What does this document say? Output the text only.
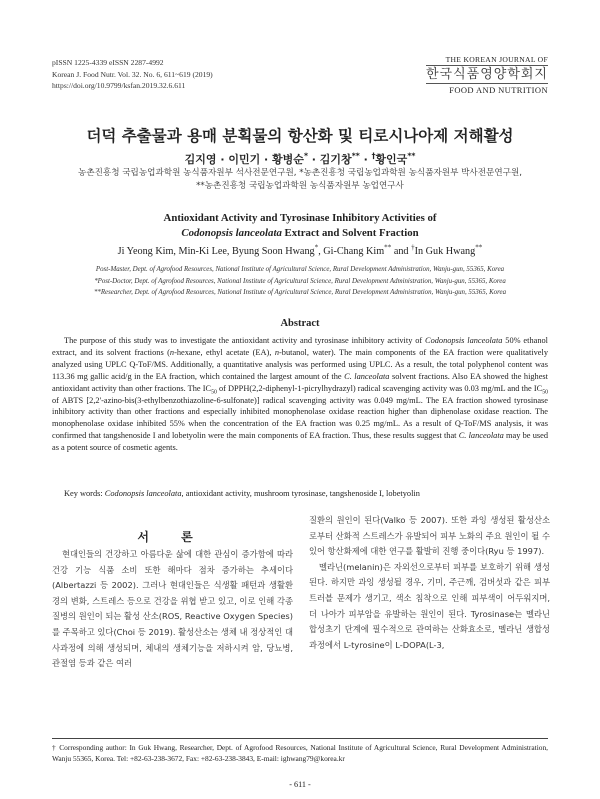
pISSN 1225-4339 eISSN 2287-4992
Korean J. Food Nutr. Vol. 32. No. 6, 611~619 (2019)
https://doi.org/10.9799/ksfan.2019.32.6.611
THE KOREAN JOURNAL OF
한국식품영양학회지
FOOD AND NUTRITION
더덕 추출물과 용매 분획물의 항산화 및 티로시나아제 저해활성
김지영 · 이민기 · 황병순* · 김기창** · †황인국**
농촌진흥청 국립농업과학원 농식품자원부 석사전문연구원, *농촌진흥청 국립농업과학원 농식품자원부 박사전문연구원,
**농촌진흥청 국립농업과학원 농식품자원부 농업연구사
Antioxidant Activity and Tyrosinase Inhibitory Activities of
Codonopsis lanceolata Extract and Solvent Fraction
Ji Yeong Kim, Min-Ki Lee, Byung Soon Hwang*, Gi-Chang Kim** and †In Guk Hwang**
Post-Master, Dept. of Agrofood Resources, National Institute of Agricultural Science, Rural Development Administration, Wanju-gun, 55365, Korea
*Post-Doctor, Dept. of Agrofood Resources, National Institute of Agricultural Science, Rural Development Administration, Wanju-gun, 55365, Korea
**Researcher, Dept. of Agrofood Resources, National Institute of Agricultural Science, Rural Development Administration, Wanju-gun, 55365, Korea
Abstract
The purpose of this study was to investigate the antioxidant activity and tyrosinase inhibitory activity of Codonopsis lanceolata 50% ethanol extract, and its solvent fractions (n-hexane, ethyl acetate (EA), n-butanol, water). The main components of the EA fraction were qualitatively analyzed using UPLC Q-ToF/MS. Additionally, a quantitative analysis was performed using UPLC. As a result, the total polyphenol content was 113.36 mg gallic acid/g in the EA fraction, which contained the largest amount of the C. lanceolata solvent fractions. Also EA showed the highest antioxidant activity than other fractions. The $IC_{50}$ of DPPH(2,2-diphenyl-1-picrylhydrazyl) radical scavenging activity was 0.03 mg/mL and the $IC_{50}$ of ABTS [2,2'-azino-bis(3-ethylbenzothiazoline-6-sulfonate)] radical scavenging activity was 0.049 mg/mL. The EA fraction showed tyrosinase inhibitory activity than other fractions and especially inhibited monophenolase oxidase reaction higher than diphenolase oxidase reaction. The monophenolase oxidase inhibited 55% when the concentration of the EA fraction was 0.25 mg/mL. As a result of Q-ToF/MS analysis, it was confirmed that tangshenoside I and lobetyolin were the main components of EA fraction. Thus, these results suggest that C. lanceolata may be used as a potent source of cosmetic agents.
Key words: Codonopsis lanceolata, antioxidant activity, mushroom tyrosinase, tangshenoside I, lobetyolin
서 론

현대인들의 건강하고 아름다운 삶에 대한 관심이 증가함에 따라 건강 기능 식품 소비 또한 해마다 점차 증가하는 추세이다(Albertazzi 등 2002). 그러나 현대인들은 식생활 패턴과 생활환경의 변화, 스트레스 등으로 건강을 위협 받고 있고, 이로 인해 각종 질병의 원인이 되는 활성 산소(ROS, Reactive Oxygen Species)를 주목하고 있다(Choi 등 2019). 활성산소는 생체 내 정상적인 대사과정에 의해 생성되며, 체내의 생체기능을 저하시켜 암, 당뇨병, 관절염 등과 같은 여러

질환의 원인이 된다(Valko 등 2007). 또한 과잉 생성된 활성산소로부터 산화적 스트레스가 유발되어 피부 노화의 주요 원인이 될 수 있어 항산화제에 대한 연구를 활발히 진행 중이다(Ryu 등 1997).

멜라닌(melanin)은 자외선으로부터 피부를 보호하기 위해 생성된다. 하지만 과잉 생성될 경우, 기미, 주근깨, 검버섯과 같은 피부 트러블 문제가 생기고, 색소 침착으로 인해 피부색이 어두워지며, 더 나아가 피부암을 유발하는 원인이 된다. Tyrosinase는 멜라닌 합성초기 단계에 필수적으로 관여하는 산화효소로, 멜라닌 생합성 과정에서 L-tyrosine이 L-DOPA(L-3,

† Corresponding author: In Guk Hwang, Researcher, Dept. of Agrofood Resources, National Institute of Agricultural Science, Rural Development Administration, Wanju 55365, Korea. Tel: +82-63-238-3672, Fax: +82-63-238-3843, E-mail: ighwang79@korea.kr
- 611 -
